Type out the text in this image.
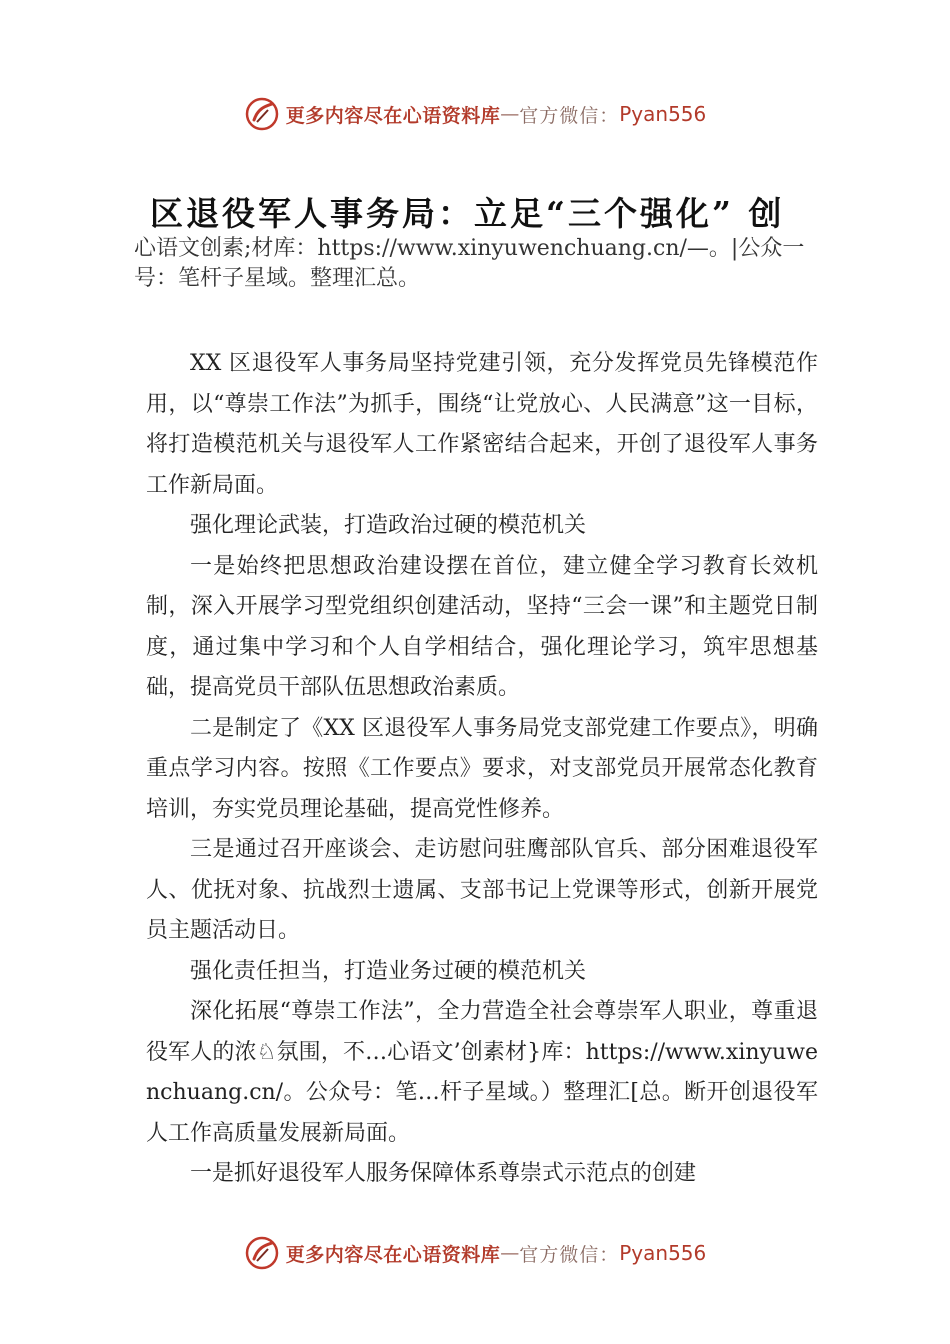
更多内容尽在心语资料库 — 官方微信： Pyan556
区退役军人事务局：立足“三个强化” 创
心语文创素;材库：https://www.xinyuwenchuang.cn/—。|公众一号：笔杆子星域。整理汇总。

XX 区退役军人事务局坚持党建引领，充分发挥党员先锋模范作用，以“尊崇工作法”为抓手，围绕“让党放心、人民满意”这一目标，将打造模范机关与退役军人工作紧密结合起来，开创了退役军人事务工作新局面。

强化理论武装，打造政治过硬的模范机关

一是始终把思想政治建设摆在首位，建立健全学习教育长效机制，深入开展学习型党组织创建活动，坚持“三会一课”和主题党日制度，通过集中学习和个人自学相结合，强化理论学习，筑牢思想基础，提高党员干部队伍思想政治素质。

二是制定了《XX 区退役军人事务局党支部党建工作要点》，明确重点学习内容。按照《工作要点》要求，对支部党员开展常态化教育培训，夯实党员理论基础，提高党性修养。

三是通过召开座谈会、走访慰问驻鹰部队官兵、部分困难退役军人、优抚对象、抗战烈士遗属、支部书记上党课等形式，创新开展党员主题活动日。

强化责任担当，打造业务过硬的模范机关

深化拓展“尊崇工作法”，全力营造全社会尊崇军人职业，尊重退役军人的浓♘氛围，不…心语文’创素材}库：https://www.xinyuwenchuang.cn/。公众号：笔…杆子星域。）整理汇[总。断开创退役军人工作高质量发展新局面。

一是抓好退役军人服务保障体系尊崇式示范点的创建

更多内容尽在心语资料库 — 官方微信： Pyan556
